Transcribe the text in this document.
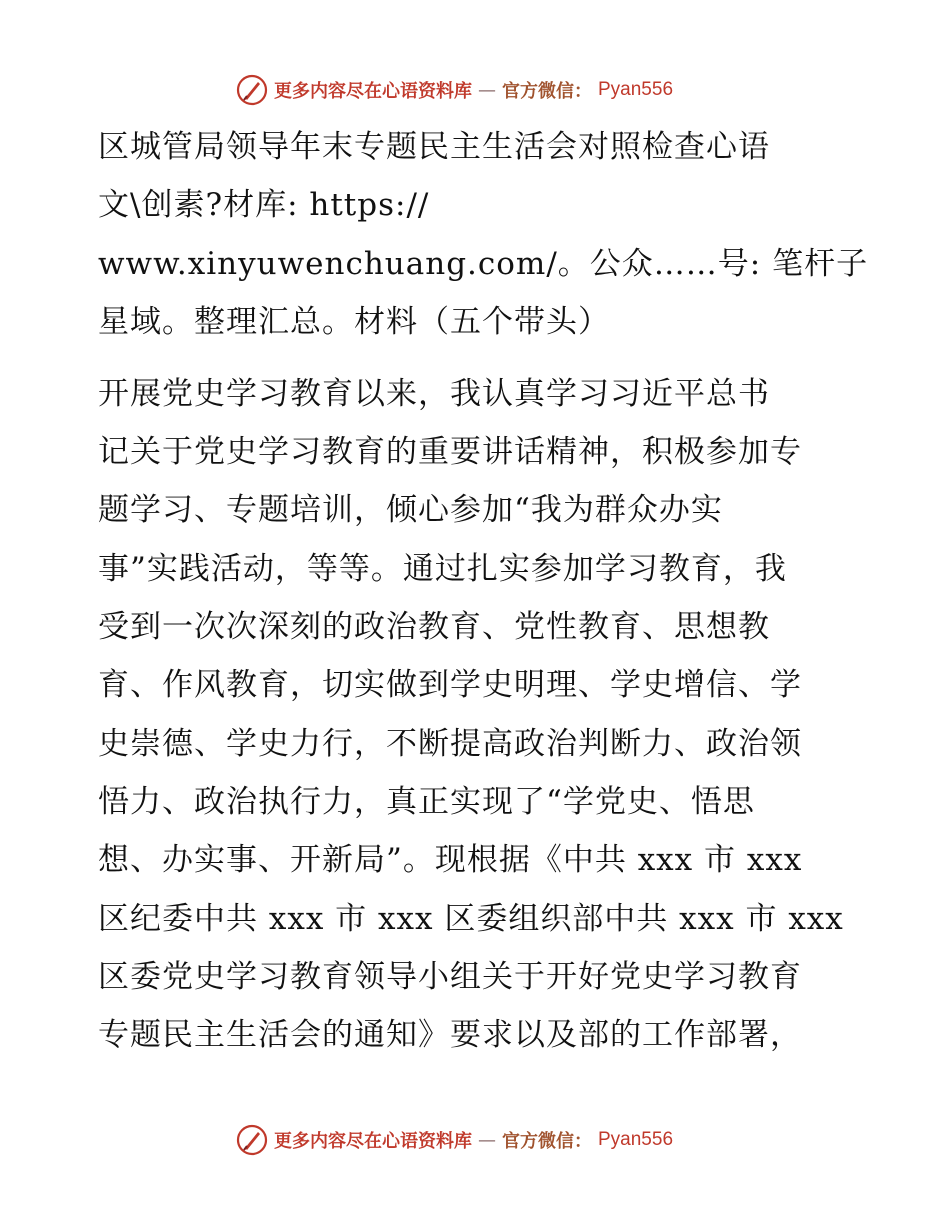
更多内容尽在心语资料库 — 官方微信： Pyan556
区城管局领导年末专题民主生活会对照检查心语
文\创素?材库: https://
www.xinyuwenchuang.com/。公众……号: 笔杆子
星域。整理汇总。材料（五个带头）
开展党史学习教育以来，我认真学习习近平总书
记关于党史学习教育的重要讲话精神，积极参加专
题学习、专题培训，倾心参加“我为群众办实
事”实践活动，等等。通过扎实参加学习教育，我
受到一次次深刻的政治教育、党性教育、思想教
育、作风教育，切实做到学史明理、学史增信、学
史崇德、学史力行，不断提高政治判断力、政治领
悟力、政治执行力，真正实现了“学党史、悟思
想、办实事、开新局”。现根据《中共 xxx 市 xxx
区纪委中共 xxx 市 xxx 区委组织部中共 xxx 市 xxx
区委党史学习教育领导小组关于开好党史学习教育
专题民主生活会的通知》要求以及部的工作部署，
更多内容尽在心语资料库 — 官方微信： Pyan556
